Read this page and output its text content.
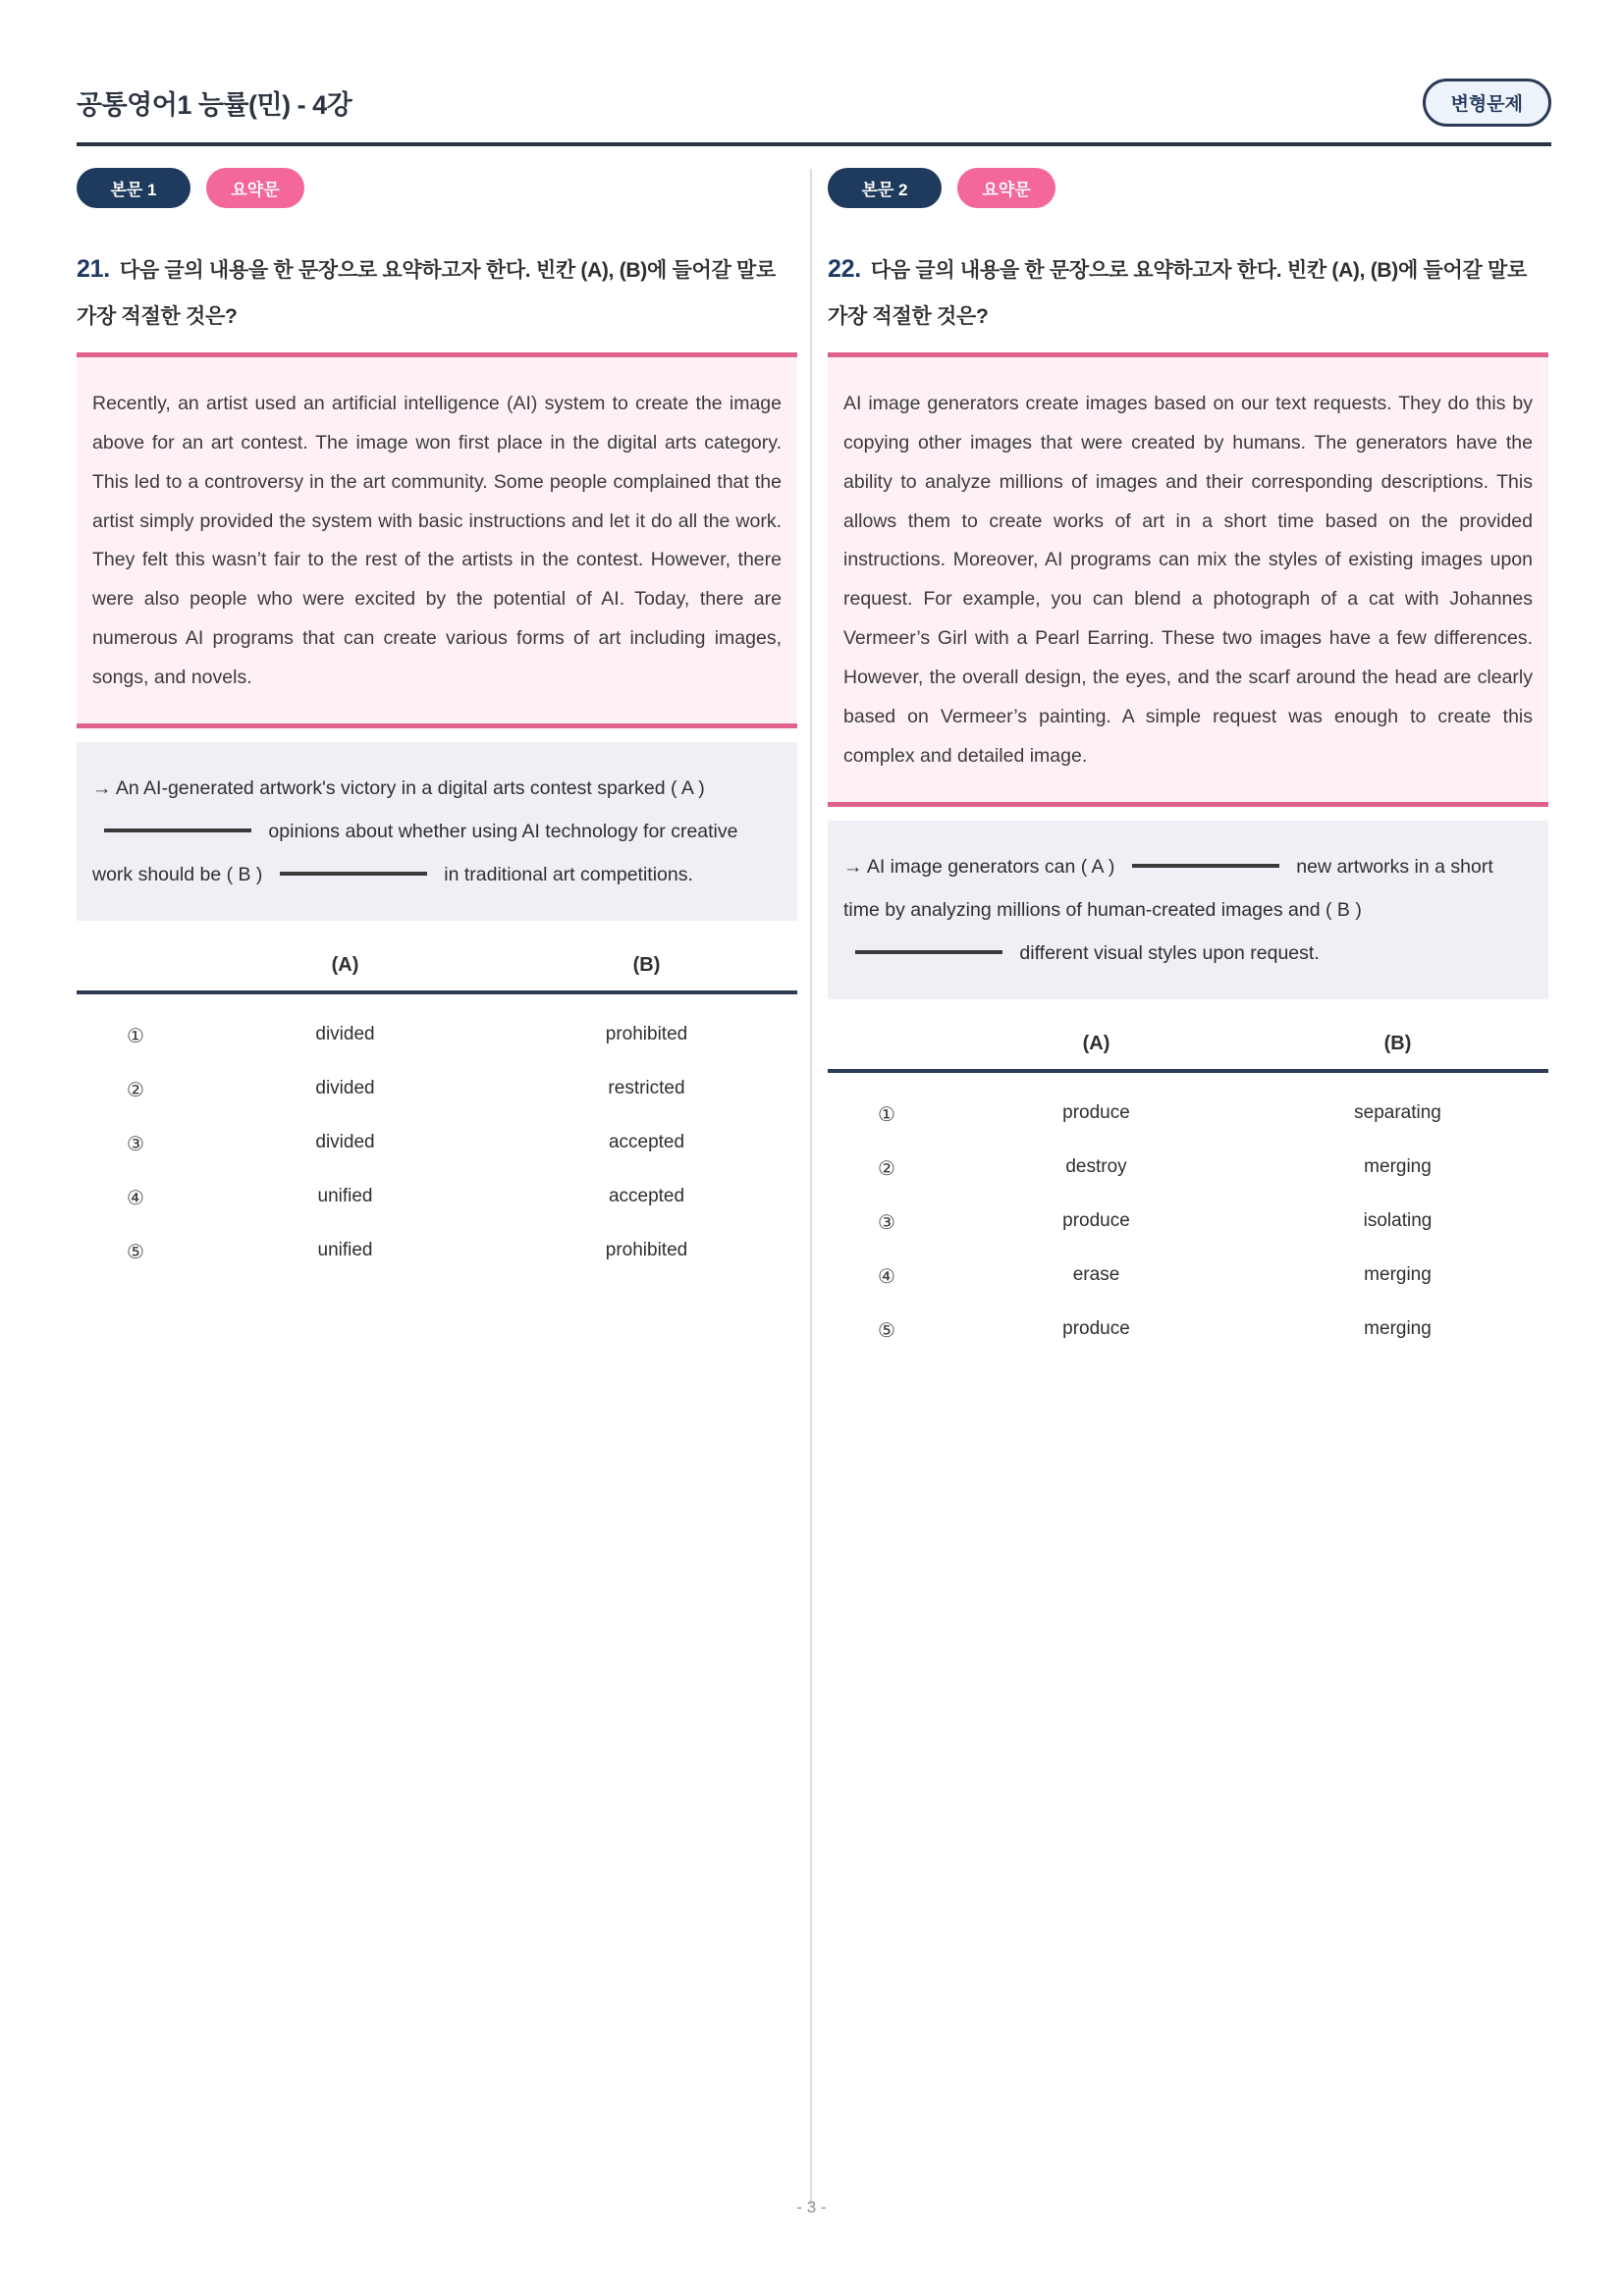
공통영어1 능률(민) - 4강	변형문제
본문 1	요약문
21. 다음 글의 내용을 한 문장으로 요약하고자 한다. 빈칸 (A), (B)에 들어갈 말로 가장 적절한 것은?
Recently, an artist used an artificial intelligence (AI) system to create the image above for an art contest. The image won first place in the digital arts category. This led to a controversy in the art community. Some people complained that the artist simply provided the system with basic instructions and let it do all the work. They felt this wasn’t fair to the rest of the artists in the contest. However, there were also people who were excited by the potential of AI. Today, there are numerous AI programs that can create various forms of art including images, songs, and novels.
→ An AI-generated artwork's victory in a digital arts contest sparked ( A )  opinions about whether using AI technology for creative work should be ( B )	in traditional art competitions.
(A)	(B)
①	divided	prohibited
②	divided	restricted
③	divided	accepted
④	unified	accepted
⑤	unified	prohibited
본문 2	요약문
22. 다음 글의 내용을 한 문장으로 요약하고자 한다. 빈칸 (A), (B)에 들어갈 말로 가장 적절한 것은?
AI image generators create images based on our text requests. They do this by copying other images that were created by humans. The generators have the ability to analyze millions of images and their corresponding descriptions. This allows them to create works of art in a short time based on the provided instructions. Moreover, AI programs can mix the styles of existing images upon request. For example, you can blend a photograph of a cat with Johannes Vermeer’s Girl with a Pearl Earring. These two images have a few differences. However, the overall design, the eyes, and the scarf around the head are clearly based on Vermeer’s painting. A simple request was enough to create this complex and detailed image.
→ AI image generators can ( A )	new artworks in a short time by analyzing millions of human-created images and ( B )  different visual styles upon request.
(A)	(B)
①	produce	separating
②	destroy	merging
③	produce	isolating
④	erase	merging
⑤	produce	merging
- 3 -
